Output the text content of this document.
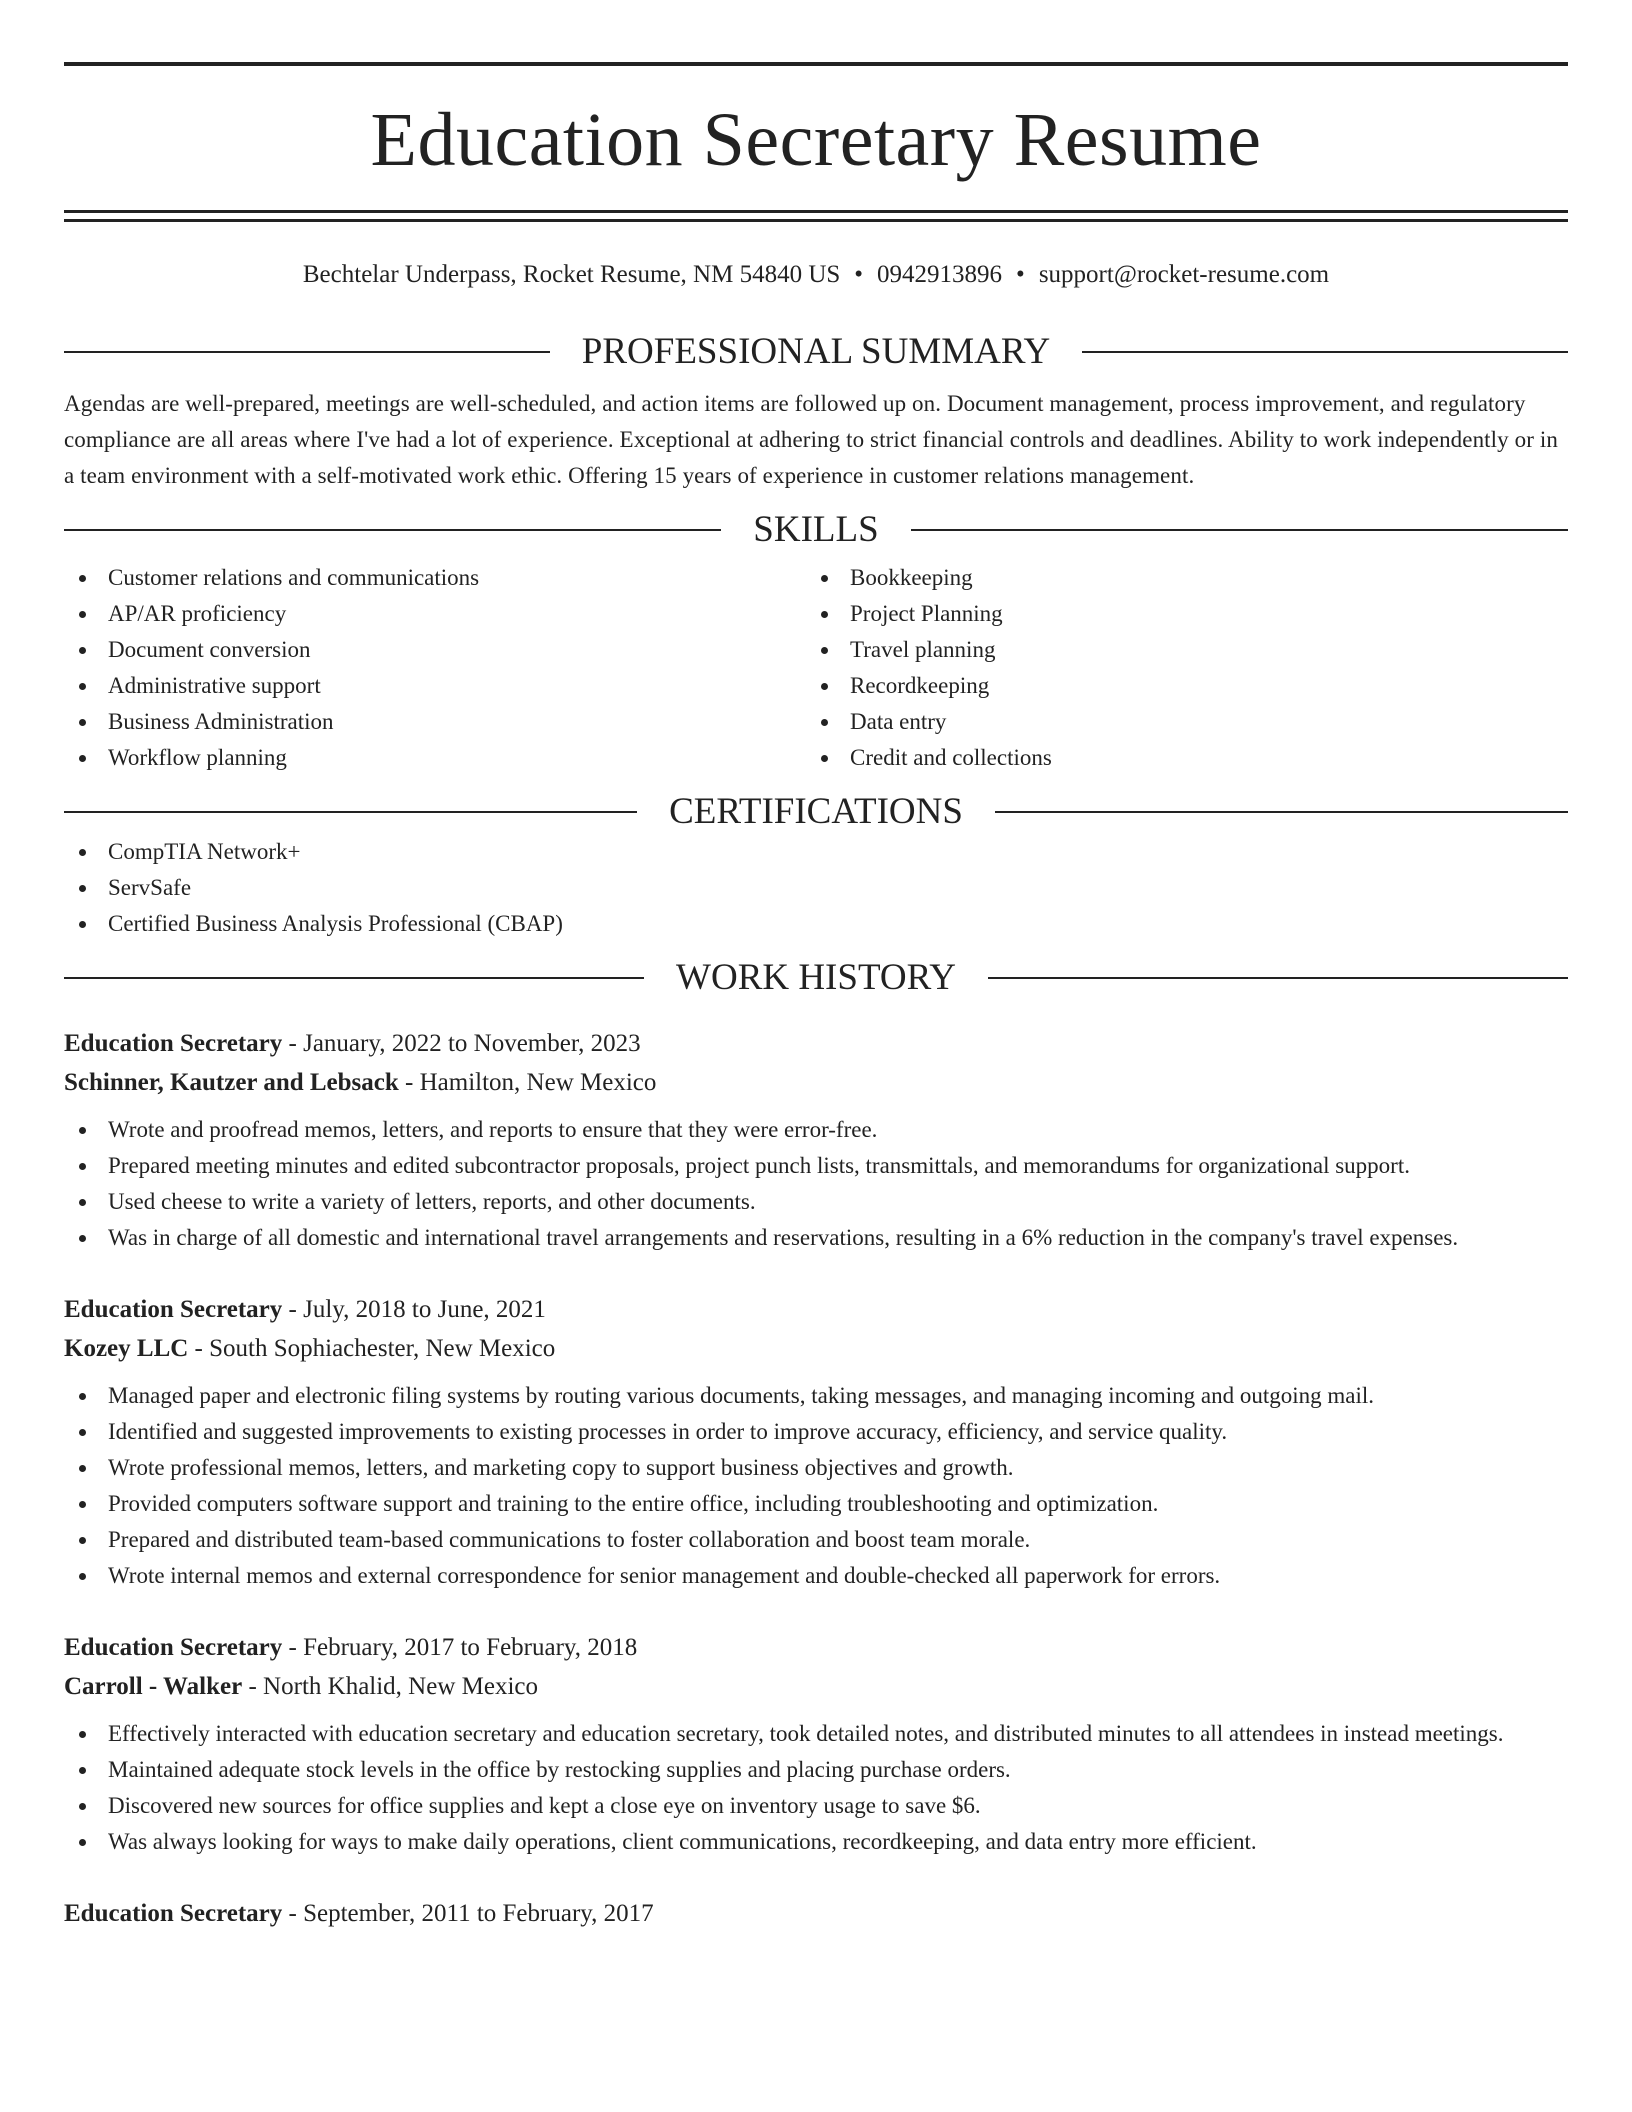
Education Secretary Resume
Bechtelar Underpass, Rocket Resume, NM 54840 US • 0942913896 • support@rocket-resume.com
PROFESSIONAL SUMMARY
Agendas are well-prepared, meetings are well-scheduled, and action items are followed up on. Document management, process improvement, and regulatory compliance are all areas where I've had a lot of experience. Exceptional at adhering to strict financial controls and deadlines. Ability to work independently or in a team environment with a self-motivated work ethic. Offering 15 years of experience in customer relations management.
SKILLS
Customer relations and communications
AP/AR proficiency
Document conversion
Administrative support
Business Administration
Workflow planning
Bookkeeping
Project Planning
Travel planning
Recordkeeping
Data entry
Credit and collections
CERTIFICATIONS
CompTIA Network+
ServSafe
Certified Business Analysis Professional (CBAP)
WORK HISTORY
Education Secretary - January, 2022 to November, 2023
Schinner, Kautzer and Lebsack - Hamilton, New Mexico
Wrote and proofread memos, letters, and reports to ensure that they were error-free.
Prepared meeting minutes and edited subcontractor proposals, project punch lists, transmittals, and memorandums for organizational support.
Used cheese to write a variety of letters, reports, and other documents.
Was in charge of all domestic and international travel arrangements and reservations, resulting in a 6% reduction in the company's travel expenses.
Education Secretary - July, 2018 to June, 2021
Kozey LLC - South Sophiachester, New Mexico
Managed paper and electronic filing systems by routing various documents, taking messages, and managing incoming and outgoing mail.
Identified and suggested improvements to existing processes in order to improve accuracy, efficiency, and service quality.
Wrote professional memos, letters, and marketing copy to support business objectives and growth.
Provided computers software support and training to the entire office, including troubleshooting and optimization.
Prepared and distributed team-based communications to foster collaboration and boost team morale.
Wrote internal memos and external correspondence for senior management and double-checked all paperwork for errors.
Education Secretary - February, 2017 to February, 2018
Carroll - Walker - North Khalid, New Mexico
Effectively interacted with education secretary and education secretary, took detailed notes, and distributed minutes to all attendees in instead meetings.
Maintained adequate stock levels in the office by restocking supplies and placing purchase orders.
Discovered new sources for office supplies and kept a close eye on inventory usage to save $6.
Was always looking for ways to make daily operations, client communications, recordkeeping, and data entry more efficient.
Education Secretary - September, 2011 to February, 2017
